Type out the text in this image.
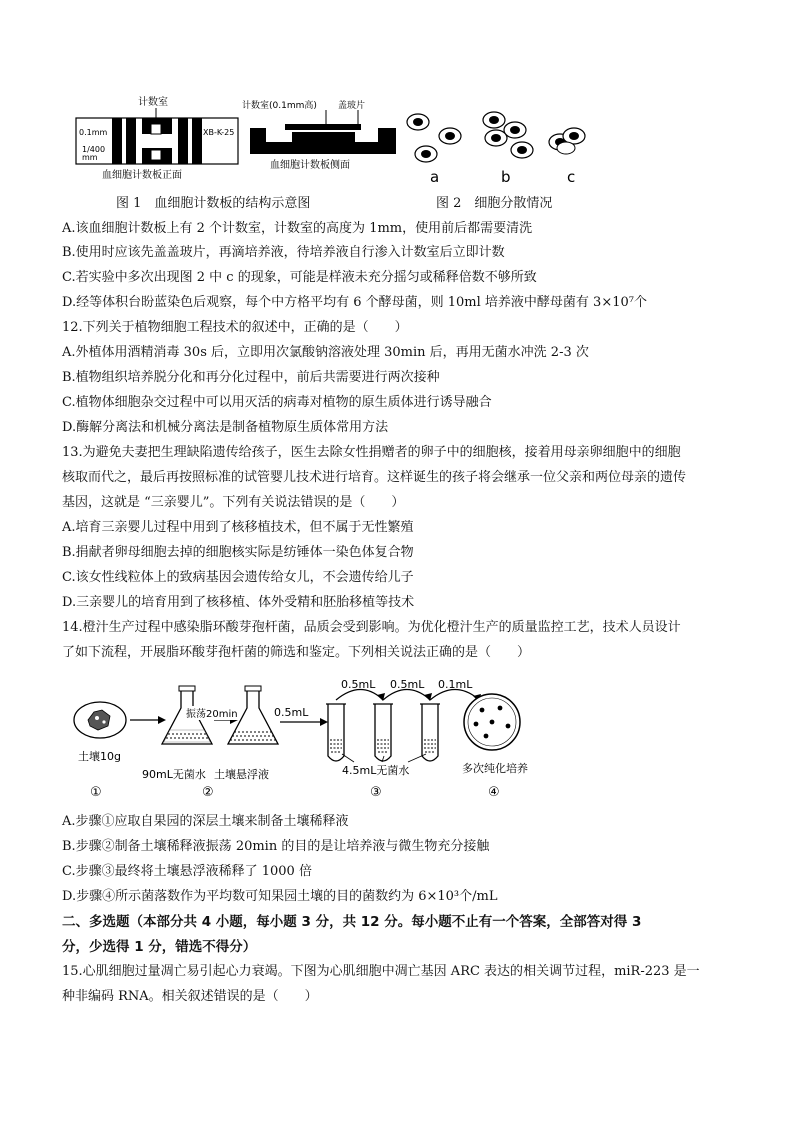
计数室
0.1mm
1/400
mm
XB-K-25
血细胞计数板正面
计数室(0.1mm高) 盖玻片
血细胞计数板侧面
a	b	c
图 1　血细胞计数板的结构示意图	图 2　细胞分散情况
A.该血细胞计数板上有 2 个计数室，计数室的高度为 1mm，使用前后都需要清洗
B.使用时应该先盖盖玻片，再滴培养液，待培养液自行渗入计数室后立即计数
C.若实验中多次出现图 2 中 c 的现象，可能是样液未充分摇匀或稀释倍数不够所致
D.经等体积台盼蓝染色后观察，每个中方格平均有 6 个酵母菌，则 10ml 培养液中酵母菌有 3×10⁷个
12.下列关于植物细胞工程技术的叙述中，正确的是（　　）
A.外植体用酒精消毒 30s 后，立即用次氯酸钠溶液处理 30min 后，再用无菌水冲洗 2-3 次
B.植物组织培养脱分化和再分化过程中，前后共需要进行两次接种
C.植物体细胞杂交过程中可以用灭活的病毒对植物的原生质体进行诱导融合
D.酶解分离法和机械分离法是制备植物原生质体常用方法
13.为避免夫妻把生理缺陷遗传给孩子，医生去除女性捐赠者的卵子中的细胞核，接着用母亲卵细胞中的细胞
核取而代之，最后再按照标准的试管婴儿技术进行培育。这样诞生的孩子将会继承一位父亲和两位母亲的遗传
基因，这就是 “三亲婴儿”。下列有关说法错误的是（　　）
A.培育三亲婴儿过程中用到了核移植技术，但不属于无性繁殖
B.捐献者卵母细胞去掉的细胞核实际是纺锤体一染色体复合物
C.该女性线粒体上的致病基因会遗传给女儿，不会遗传给儿子
D.三亲婴儿的培育用到了核移植、体外受精和胚胎移植等技术
14.橙汁生产过程中感染脂环酸芽孢杆菌，品质会受到影响。为优化橙汁生产的质量监控工艺，技术人员设计
了如下流程，开展脂环酸芽孢杆菌的筛选和鉴定。下列相关说法正确的是（　　）
土壤10g
振荡20min
90mL无菌水 土壤悬浮液
0.5mL
0.5mL 0.5mL 0.1mL
4.5mL无菌水	多次纯化培养
①	②	③	④
A.步骤①应取自果园的深层土壤来制备土壤稀释液
B.步骤②制备土壤稀释液振荡 20min 的目的是让培养液与微生物充分接触
C.步骤③最终将土壤悬浮液稀释了 1000 倍
D.步骤④所示菌落数作为平均数可知果园土壤的目的菌数约为 6×10³个/mL
二、多选题（本部分共 4 小题，每小题 3 分，共 12 分。每小题不止有一个答案，全部答对得 3
分，少选得 1 分，错选不得分）
15.心肌细胞过量凋亡易引起心力衰竭。下图为心肌细胞中凋亡基因 ARC 表达的相关调节过程，miR-223 是一
种非编码 RNA。相关叙述错误的是（　　）
